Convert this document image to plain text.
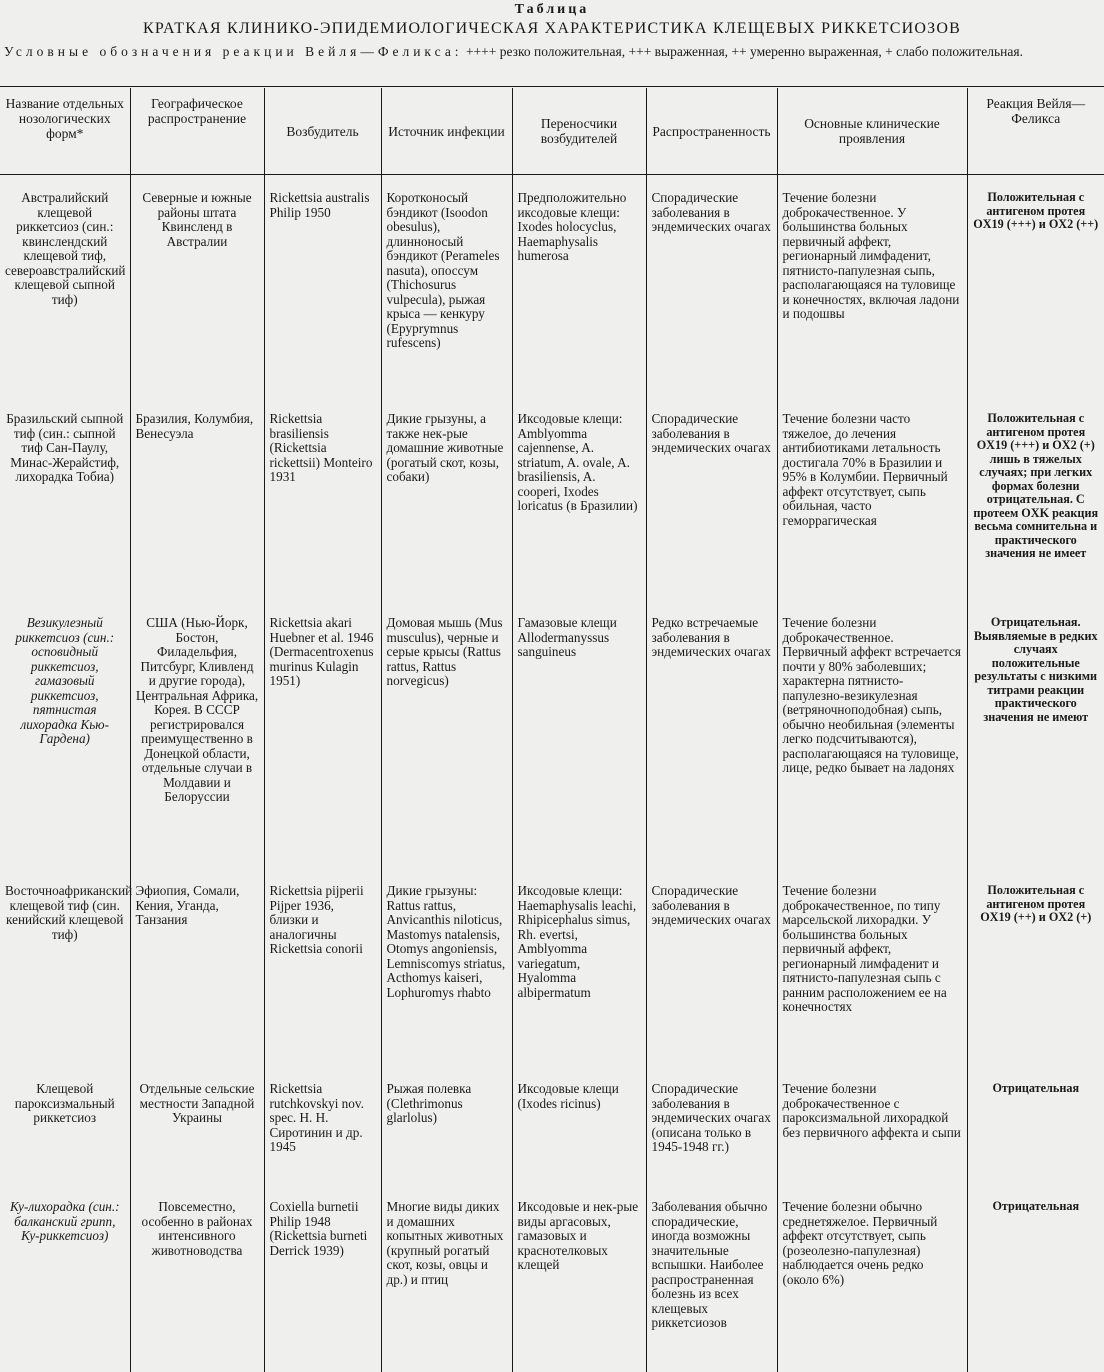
Таблица
КРАТКАЯ КЛИНИКО-ЭПИДЕМИОЛОГИЧЕСКАЯ ХАРАКТЕРИСТИКА КЛЕЩЕВЫХ РИККЕТСИОЗОВ
Условные обозначения реакции Вейля—Феликса: ++++ резко положительная, +++ выраженная, ++ умеренно выраженная, + слабо положительная.
Название отдельных нозологических форм*	Географическое распространение	Возбудитель	Источник инфекции	Переносчики возбудителей	Распространенность	Основные клинические проявления	Реакция Вейля—Феликса
Австралийский клещевой риккетсиоз (син.: квинслендский клещевой тиф, североавстралийский клещевой сыпной тиф)	Северные и южные районы штата Квинсленд в Австралии	Rickettsia australis Philip 1950	Коротконосый бэндикот (Isoodon obesulus), длинноносый бэндикот (Perameles nasuta), опоссум (Thichosurus vulpecula), рыжая крыса — кенкуру (Epyprymnus rufescens)	Предположительно иксодовые клещи: Ixodes holocyclus, Haemaphysalis humerosa	Спорадические заболевания в эндемических очагах	Течение болезни доброкачественное. У большинства больных первичный аффект, регионарный лимфаденит, пятнисто-папулезная сыпь, располагающаяся на туловище и конечностях, включая ладони и подошвы	Положительная с антигеном протея OX19 (+++) и OX2 (++)
Бразильский сыпной тиф (син.: сыпной тиф Сан-Паулу, Минас-Жерайстиф, лихорадка Тобиа)	Бразилия, Колумбия, Венесуэла	Rickettsia brasiliensis (Rickettsia rickettsii) Monteiro 1931	Дикие грызуны, а также нек-рые домашние животные (рогатый скот, козы, собаки)	Иксодовые клещи: Amblyomma cajennense, A. striatum, A. ovale, A. brasiliensis, A. cooperi, Ixodes loricatus (в Бразилии)	Спорадические заболевания в эндемических очагах	Течение болезни часто тяжелое, до лечения антибиотиками летальность достигала 70% в Бразилии и 95% в Колумбии. Первичный аффект отсутствует, сыпь обильная, часто геморрагическая	Положительная с антигеном протея OX19 (+++) и OX2 (+) лишь в тяжелых случаях; при легких формах болезни отрицательная. С протеем OXK реакция весьма сомнительна и практического значения не имеет
Везикулезный риккетсиоз (син.: осповидный риккетсиоз, гамазовый риккетсиоз, пятнистая лихорадка Кью-Гардена)	США (Нью-Йорк, Бостон, Филадельфия, Питсбург, Кливленд и другие города), Центральная Африка, Корея. В СССР регистрировался преимущественно в Донецкой области, отдельные случаи в Молдавии и Белоруссии	Rickettsia akari Huebner et al. 1946 (Dermacentroxenus murinus Kulagin 1951)	Домовая мышь (Mus musculus), черные и серые крысы (Rattus rattus, Rattus norvegicus)	Гамазовые клещи Allodermanyssus sanguineus	Редко встречаемые заболевания в эндемических очагах	Течение болезни доброкачественное. Первичный аффект встречается почти у 80% заболевших; характерна пятнисто-папулезно-везикулезная (ветряночноподобная) сыпь, обычно необильная (элементы легко подсчитываются), располагающаяся на туловище, лице, редко бывает на ладонях	Отрицательная. Выявляемые в редких случаях положительные результаты с низкими титрами реакции практического значения не имеют
Восточноафриканский клещевой тиф (син. кенийский клещевой тиф)	Эфиопия, Сомали, Кения, Уганда, Танзания	Rickettsia pijperii Pijper 1936, близки и аналогичны Rickettsia conorii	Дикие грызуны: Rattus rattus, Anvicanthis niloticus, Mastomys natalensis, Otomys angoniensis, Lemniscomys striatus, Acthomys kaiseri, Lophuromys rhabto	Иксодовые клещи: Haemaphysalis leachi, Rhipicephalus simus, Rh. evertsi, Amblyomma variegatum, Hyalomma albipermatum	Спорадические заболевания в эндемических очагах	Течение болезни доброкачественное, по типу марсельской лихорадки. У большинства больных первичный аффект, регионарный лимфаденит и пятнисто-папулезная сыпь с ранним расположением ее на конечностях	Положительная с антигеном протея OX19 (++) и OX2 (+)
Клещевой пароксизмальный риккетсиоз	Отдельные сельские местности Западной Украины	Rickettsia rutchkovskyi nov. spec. Н. Н. Сиротинин и др. 1945	Рыжая полевка (Clethrimonus glarlolus)	Иксодовые клещи (Ixodes ricinus)	Спорадические заболевания в эндемических очагах (описана только в 1945-1948 гг.)	Течение болезни доброкачественное с пароксизмальной лихорадкой без первичного аффекта и сыпи	Отрицательная
Ку-лихорадка (син.: балканский грипп, Ку-риккетсиоз)	Повсеместно, особенно в районах интенсивного животноводства	Coxiella burnetii Philip 1948 (Rickettsia burneti Derrick 1939)	Многие виды диких и домашних копытных животных (крупный рогатый скот, козы, овцы и др.) и птиц	Иксодовые и нек-рые виды аргасовых, гамазовых и краснотелковых клещей	Заболевания обычно спорадические, иногда возможны значительные вспышки. Наиболее распространенная болезнь из всех клещевых риккетсиозов	Течение болезни обычно среднетяжелое. Первичный аффект отсутствует, сыпь (розеолезно-папулезная) наблюдается очень редко (около 6%)	Отрицательная
